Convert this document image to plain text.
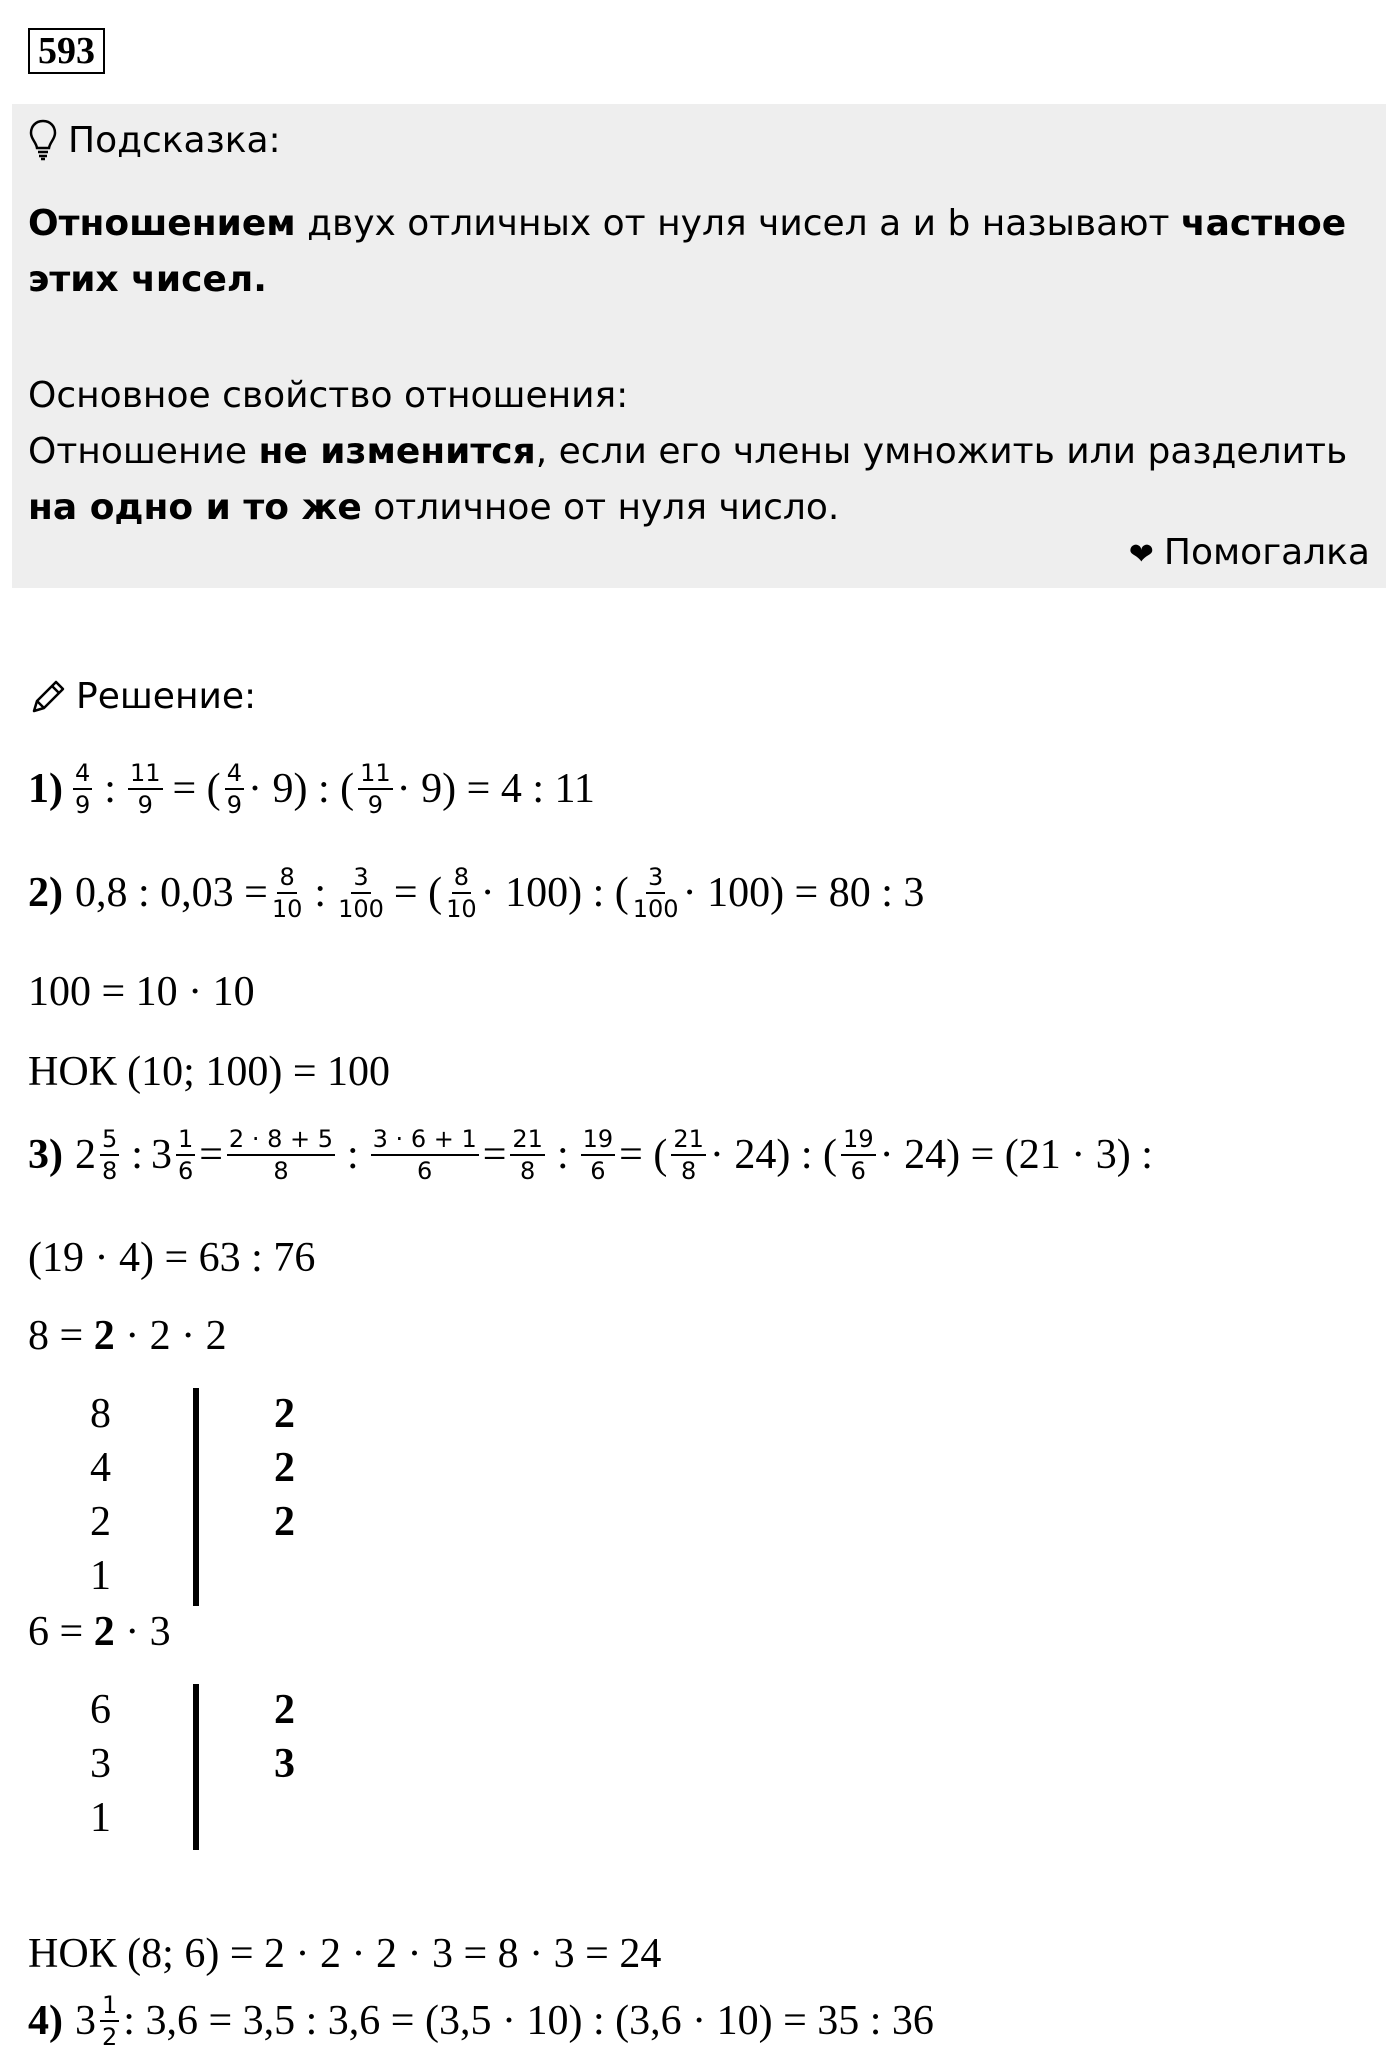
593
Подсказка:

Отношением двух отличных от нуля чисел a и b называют частное
этих чисел.

Основное свойство отношения:
Отношение не изменится, если его члены умножить или разделить
на одно и то же отличное от нуля число.

❤ Помогалка
Решение:
$1) \frac{4}{9}$ : $\frac{11}{9}$ = ( $\frac{4}{9} \cdot 9$) : ( $\frac{11}{9} \cdot 9) = 4$ : 11
2) 0,8 : $0,03 = \frac{8}{10}$ : $\frac{3}{100}$ = ( $\frac{8}{10} \cdot 100$) : ( $\frac{3}{100} \cdot 100) = 80$ : 3
100 = 10 · 10
НОК (10; 100) = 100
3) $2 \frac{5}{8}$ : $3 \frac{1}{6} = \frac{2 \cdot 8 + 5}{8}$ : $\frac{3 \cdot 6 + 1}{6} = \frac{21}{8}$ : $\frac{19}{6}$ = ( $\frac{21}{8} \cdot 24$) : ( $\frac{19}{6} \cdot 24) = (21 \cdot 3)$ :
(19 · 4) = 63 : 76
8 = 2 · 2 · 2
8
4
2
1
2
2
2
6 = 2 · 3
6
3
1
2
3
НОК (8; 6) = 2 · 2 · 2 · 3 = 8 · 3 = 24
4) $3 \frac{1}{2}$ : 3,6 = 3,5 : 3,6 = (3,5 · 10) : (3,6 · 10) = 35 : 36
